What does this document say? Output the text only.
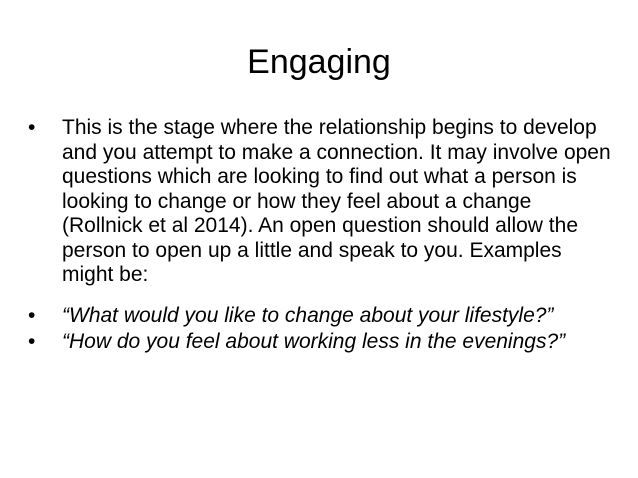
Engaging
•	This is the stage where the relationship begins to develop and you attempt to make a connection. It may involve open questions which are looking to find out what a person is looking to change or how they feel about a change (Rollnick et al 2014). An open question should allow the person to open up a little and speak to you. Examples might be:
•	“What would you like to change about your lifestyle?”
•	“How do you feel about working less in the evenings?”
